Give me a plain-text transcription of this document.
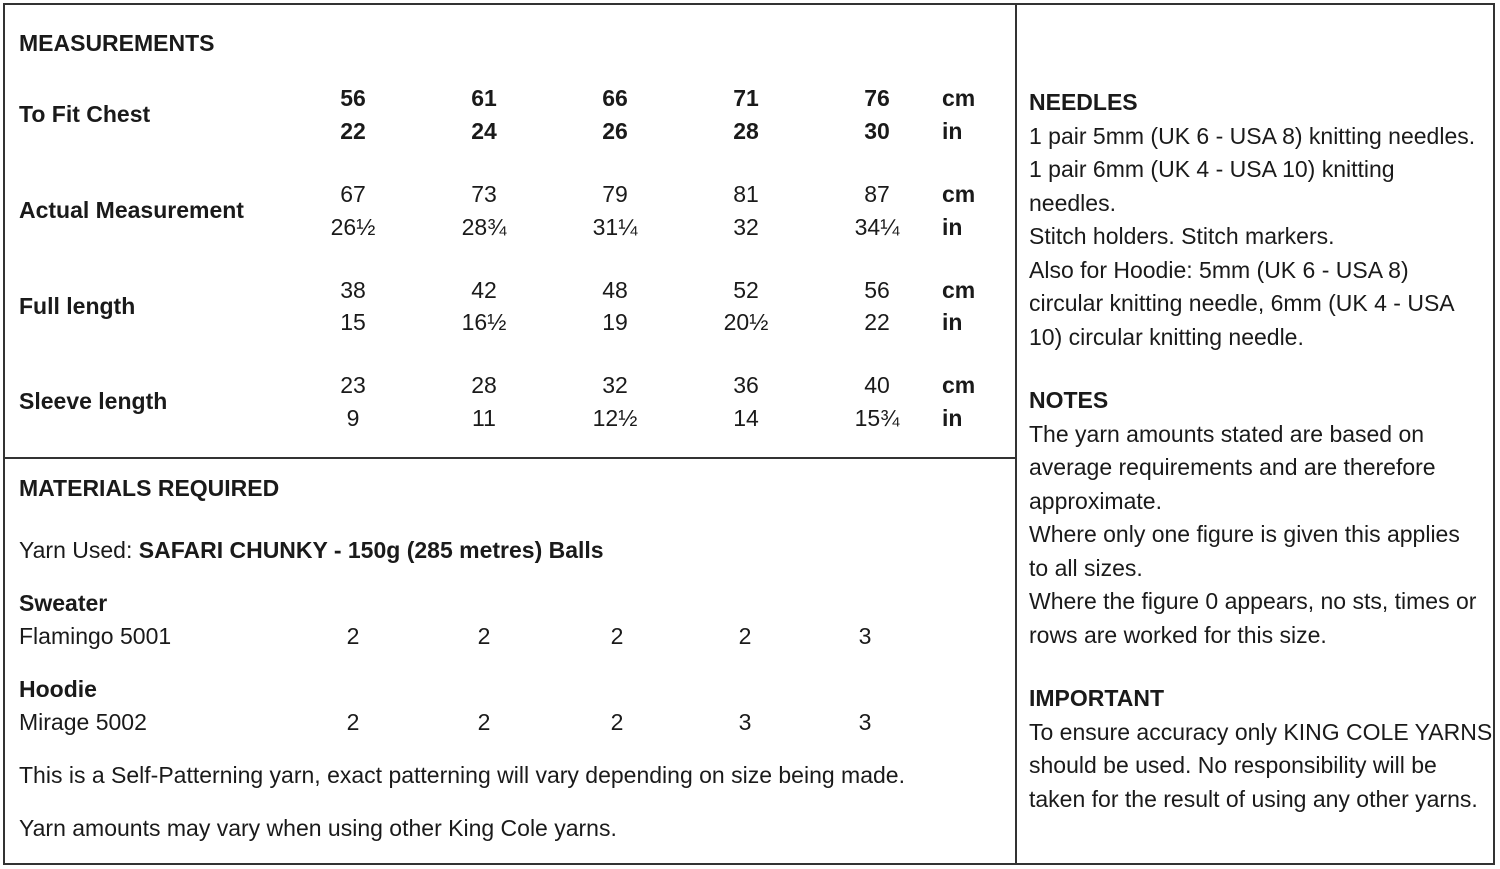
MEASUREMENTS
To Fit Chest
56	61	66	71	76	cm
22	24	26	28	30	in
Actual Measurement
67	73	79	81	87	cm
26½	28¾	31¼	32	34¼	in
Full length
38	42	48	52	56	cm
15	16½	19	20½	22	in
Sleeve length
23	28	32	36	40	cm
9	11	12½	14	15¾	in
MATERIALS REQUIRED
Yarn Used: SAFARI CHUNKY - 150g (285 metres) Balls
Sweater
Flamingo 5001	2	2	2	2	3
Hoodie
Mirage 5002	2	2	2	3	3
This is a Self-Patterning yarn, exact patterning will vary depending on size being made.
Yarn amounts may vary when using other King Cole yarns.
NEEDLES
1 pair 5mm (UK 6 - USA 8) knitting needles.
1 pair 6mm (UK 4 - USA 10) knitting
needles.
Stitch holders. Stitch markers.
Also for Hoodie: 5mm (UK 6 - USA 8)
circular knitting needle, 6mm (UK 4 - USA
10) circular knitting needle.
NOTES
The yarn amounts stated are based on
average requirements and are therefore
approximate.
Where only one figure is given this applies
to all sizes.
Where the figure 0 appears, no sts, times or
rows are worked for this size.
IMPORTANT
To ensure accuracy only KING COLE YARNS
should be used. No responsibility will be
taken for the result of using any other yarns.
